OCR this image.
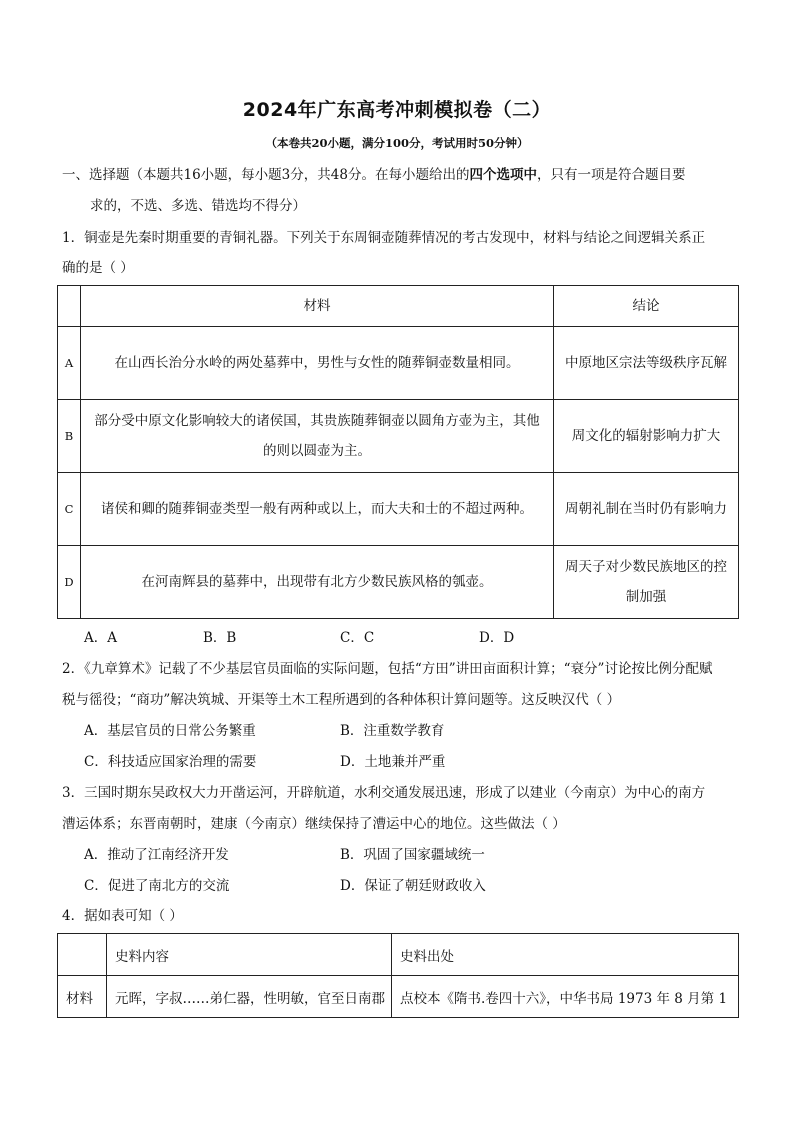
2024年广东高考冲刺模拟卷（二）
（本卷共20小题，满分100分，考试用时50分钟）
一、选择题（本题共16小题，每小题3分，共48分。在每小题给出的四个选项中，只有一项是符合题目要
求的，不选、多选、错选均不得分）
1．铜壶是先秦时期重要的青铜礼器。下列关于东周铜壶随葬情况的考古发现中，材料与结论之间逻辑关系正
确的是（ ）
	材料	结论
A	在山西长治分水岭的两处墓葬中，男性与女性的随葬铜壶数量相同。	中原地区宗法等级秩序瓦解
B	部分受中原文化影响较大的诸侯国，其贵族随葬铜壶以圆角方壶为主，其他的则以圆壶为主。	周文化的辐射影响力扩大
C	诸侯和卿的随葬铜壶类型一般有两种或以上，而大夫和士的不超过两种。	周朝礼制在当时仍有影响力
D	在河南辉县的墓葬中，出现带有北方少数民族风格的瓠壶。	周天子对少数民族地区的控制加强
A．A	B．B	C．C	D．D
2．《九章算术》记载了不少基层官员面临的实际问题，包括“方田”讲田亩面积计算；“衰分”讨论按比例分配赋
税与徭役；“商功”解决筑城、开渠等土木工程所遇到的各种体积计算问题等。这反映汉代（ ）
A．基层官员的日常公务繁重	B．注重数学教育
C．科技适应国家治理的需要	D．土地兼并严重
3．三国时期东吴政权大力开凿运河，开辟航道，水利交通发展迅速，形成了以建业（今南京）为中心的南方
漕运体系；东晋南朝时，建康（今南京）继续保持了漕运中心的地位。这些做法（ ）
A．推动了江南经济开发	B．巩固了国家疆域统一
C．促进了南北方的交流	D．保证了朝廷财政收入
4．据如表可知（ ）
	史料内容	史料出处
材料	元晖，字叔……弟仁器，性明敏，官至日南郡	点校本《隋书.卷四十六》，中华书局 1973 年 8 月第 1
